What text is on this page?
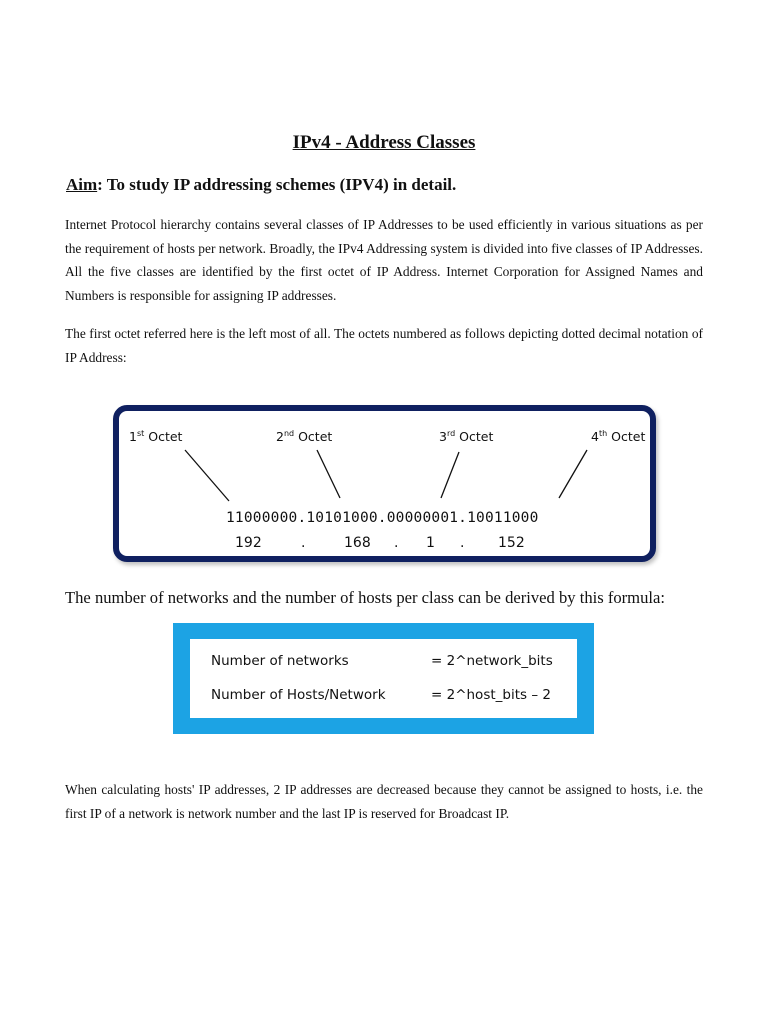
IPv4 - Address Classes
Aim: To study IP addressing schemes (IPV4) in detail.
Internet Protocol hierarchy contains several classes of IP Addresses to be used efficiently in various situations as per the requirement of hosts per network. Broadly, the IPv4 Addressing system is divided into five classes of IP Addresses. All the five classes are identified by the first octet of IP Address. Internet Corporation for Assigned Names and Numbers is responsible for assigning IP addresses.
The first octet referred here is the left most of all. The octets numbered as follows depicting dotted decimal notation of IP Address:
1st Octet	2nd Octet	3rd Octet	4th Octet
11000000.10101000.00000001.10011000
192	.	168 . 1 . 152
The number of networks and the number of hosts per class can be derived by this formula:
Number of networks	= 2^network_bits
Number of Hosts/Network	= 2^host_bits – 2
When calculating hosts' IP addresses, 2 IP addresses are decreased because they cannot be assigned to hosts, i.e. the first IP of a network is network number and the last IP is reserved for Broadcast IP.
